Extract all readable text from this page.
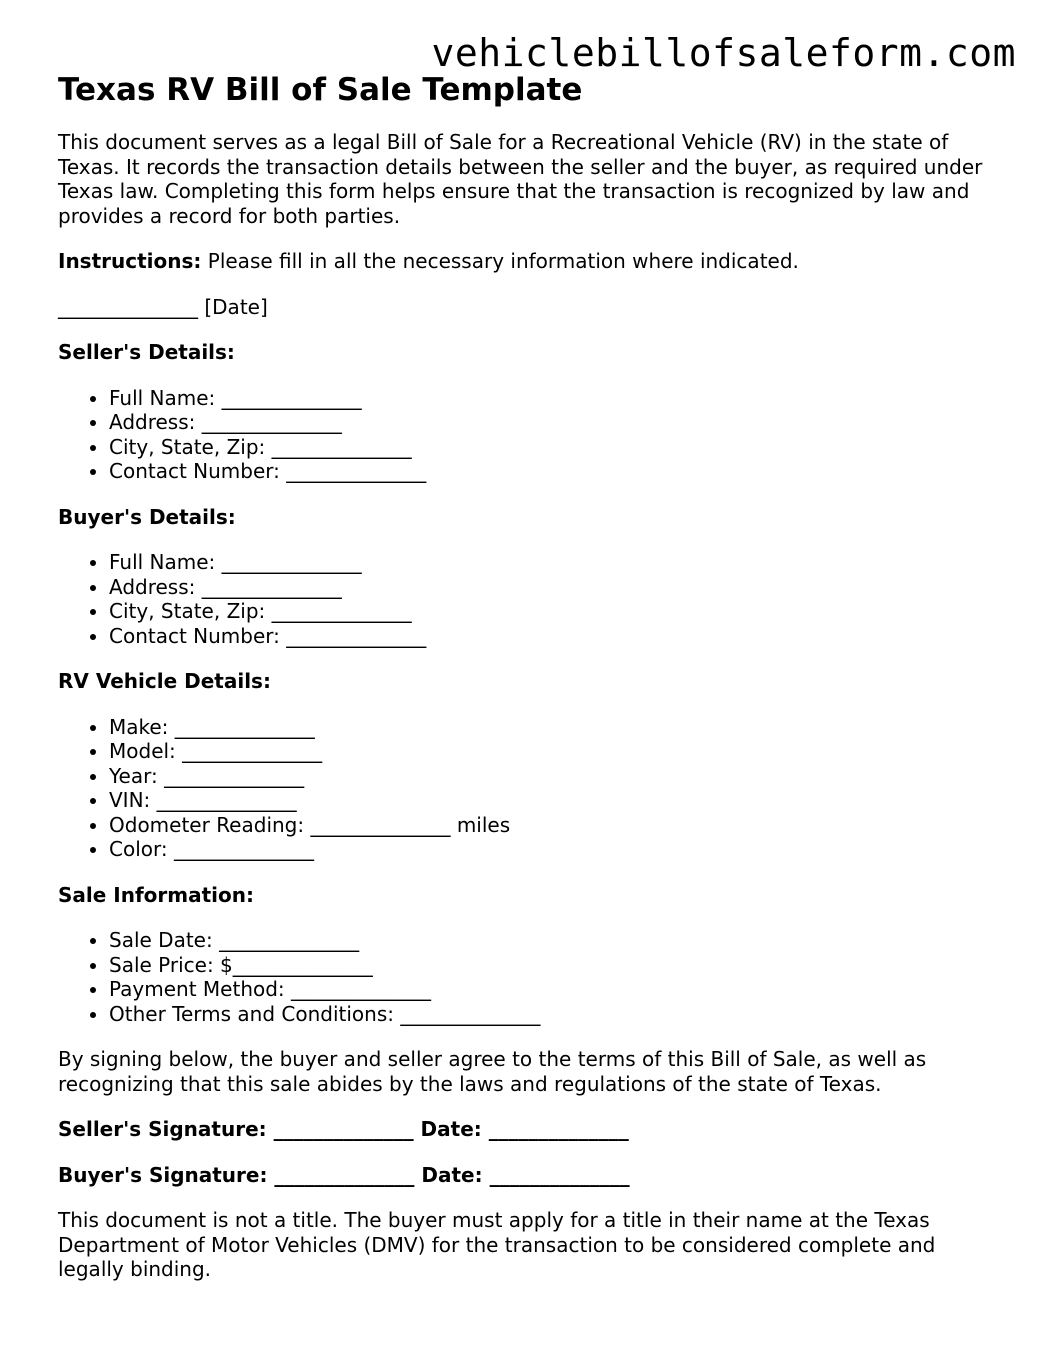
vehiclebillofsaleform.com
Texas RV Bill of Sale Template

This document serves as a legal Bill of Sale for a Recreational Vehicle (RV) in the state of Texas. It records the transaction details between the seller and the buyer, as required under Texas law. Completing this form helps ensure that the transaction is recognized by law and provides a record for both parties.

Instructions: Please fill in all the necessary information where indicated.

______________ [Date]

Seller's Details:
• Full Name: ______________
• Address: ______________
• City, State, Zip: ______________
• Contact Number: ______________
Buyer's Details:
• Full Name: ______________
• Address: ______________
• City, State, Zip: ______________
• Contact Number: ______________
RV Vehicle Details:
• Make: ______________
• Model: ______________
• Year: ______________
• VIN: ______________
• Odometer Reading: ______________ miles
• Color: ______________
Sale Information:
• Sale Date: ______________
• Sale Price: $______________
• Payment Method: ______________
• Other Terms and Conditions: ______________

By signing below, the buyer and seller agree to the terms of this Bill of Sale, as well as recognizing that this sale abides by the laws and regulations of the state of Texas.

Seller's Signature: ______________ Date: ______________

Buyer's Signature: ______________ Date: ______________

This document is not a title. The buyer must apply for a title in their name at the Texas Department of Motor Vehicles (DMV) for the transaction to be considered complete and legally binding.
